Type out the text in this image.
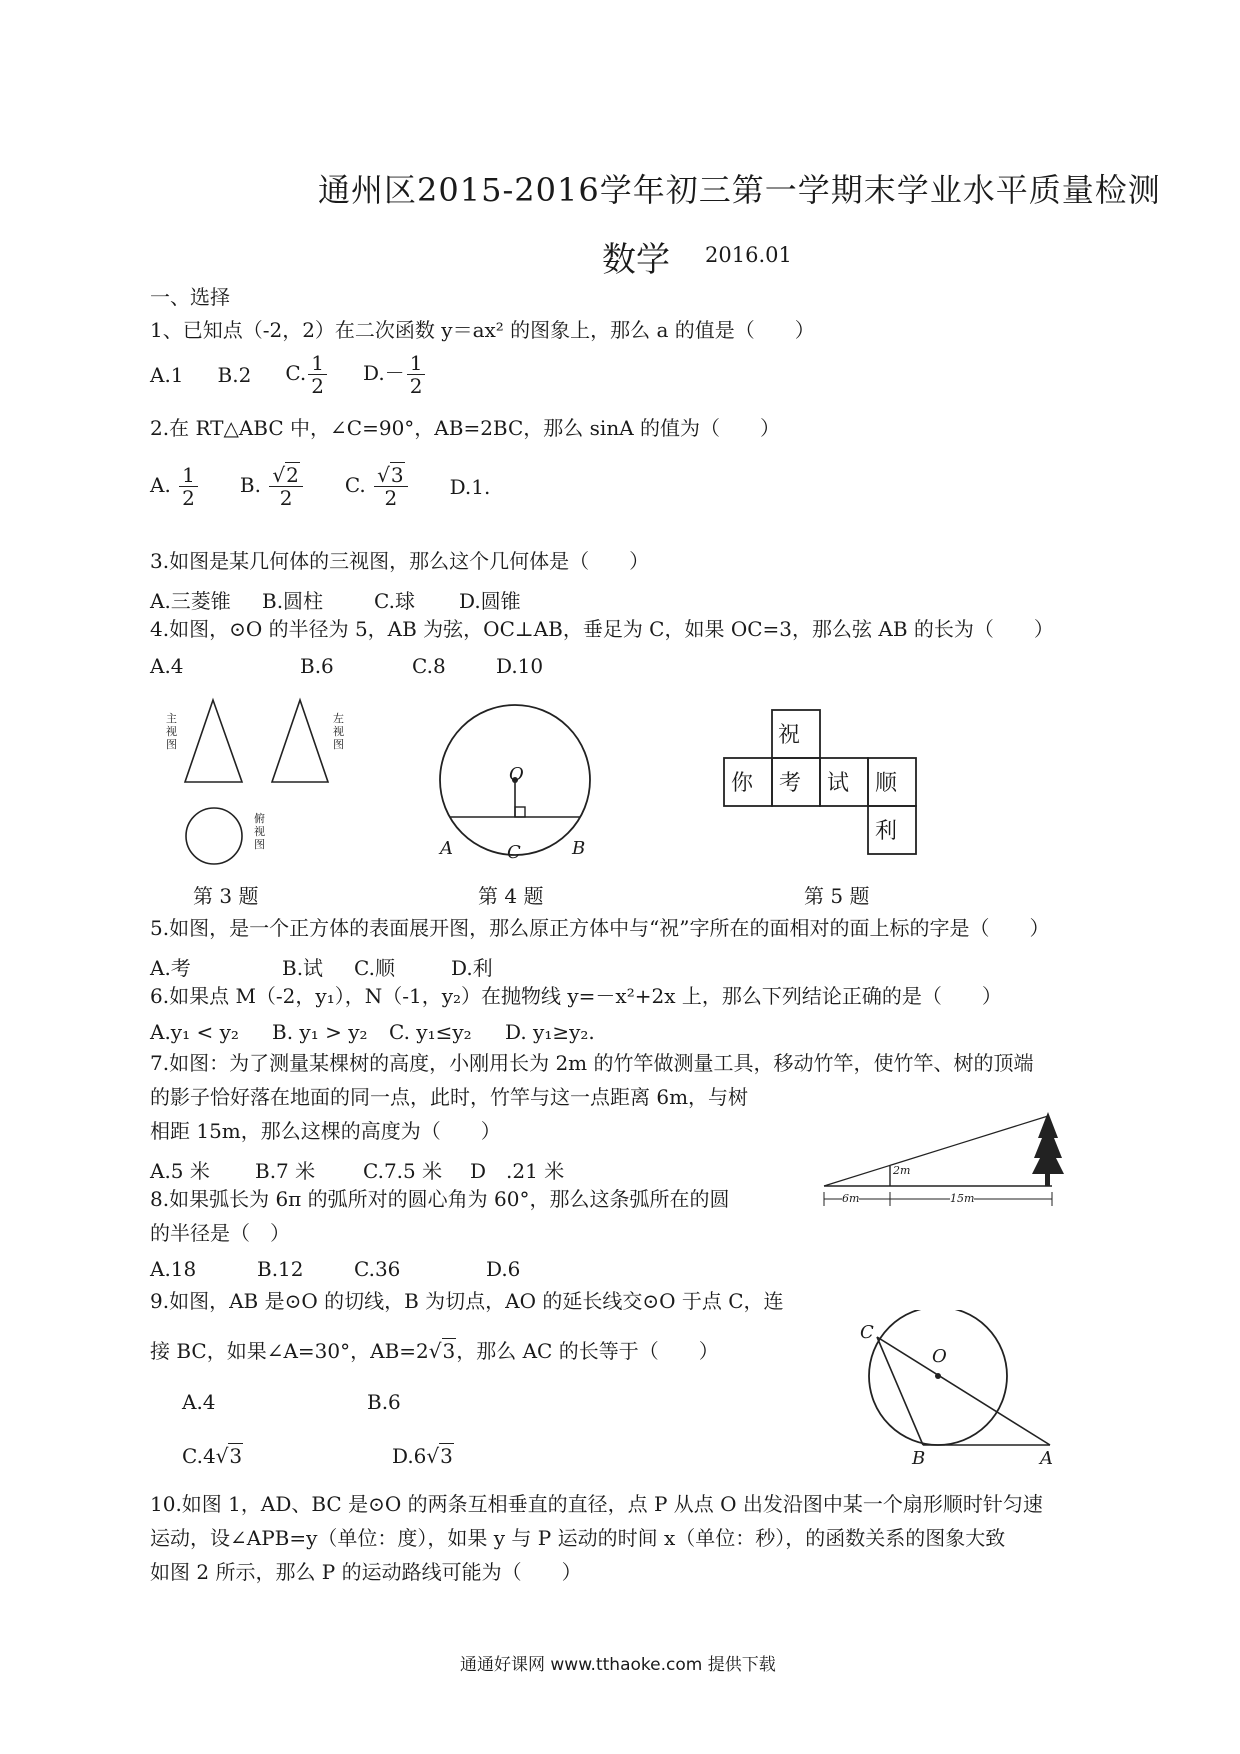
通州区2015-2016学年初三第一学期末学业水平质量检测
数学 2016.01
一、选择
1、已知点（-2，2）在二次函数 y＝ax² 的图象上，那么 a 的值是（　　）
A.1 B.2 C. $\frac{1}{2} D.- \frac{1}{2}$
2.在 RT△ABC 中，∠C=90°，AB=2BC，那么 sinA 的值为（　　）
A. $\frac{1}{2} B$. $\frac{√2}{2} C$. $\frac{√3}{2} D.1$.
3.如图是某几何体的三视图，那么这个几何体是（　　）
A.三菱锥 B.圆柱	C.球 D.圆锥
4.如图，⊙O 的半径为 5，AB 为弦，OC⊥AB，垂足为 C，如果 OC=3，那么弦 AB 的长为（　　）
A.4	B.6	C.8	D.10
主视图
左视图
俯视图
O
A	B
C
祝
你 考 试 顺
利
第 3 题	第 4 题	第 5 题
5.如图，是一个正方体的表面展开图，那么原正方体中与“祝”字所在的面相对的面上标的字是（　　）
A.考	B.试 C.顺	D.利
6.如果点 M（-2，y₁），N（-1，y₂）在抛物线 y=－x²+2x 上，那么下列结论正确的是（　　）
A.y₁ < y₂ B. y₁ > y₂ C. y₁≤y₂ D. y₁≥y₂.
7.如图：为了测量某棵树的高度，小刚用长为 2m 的竹竿做测量工具，移动竹竿，使竹竿、树的顶端
的影子恰好落在地面的同一点，此时，竹竿与这一点距离 6m，与树
相距 15m，那么这棵的高度为（　　）
A.5 米 B.7 米 C.7.5 米 D　.21 米	2m
6m	15m
8.如果弧长为 6π 的弧所对的圆心角为 60°，那么这条弧所在的圆
的半径是（　）
A.18	B.12	C.36	D.6
9.如图，AB 是⊙O 的切线，B 为切点，AO 的延长线交⊙O 于点 C，连
接 BC，如果∠A=30°，AB=2√3，那么 AC 的长等于（　　）
A.4	B.6
C.4√3	D.6√3
C
O
B	A
10.如图 1，AD、BC 是⊙O 的两条互相垂直的直径，点 P 从点 O 出发沿图中某一个扇形顺时针匀速
运动，设∠APB=y（单位：度），如果 y 与 P 运动的时间 x（单位：秒），的函数关系的图象大致
如图 2 所示，那么 P 的运动路线可能为（　　）
通通好课网 www.tthaoke.com 提供下载
